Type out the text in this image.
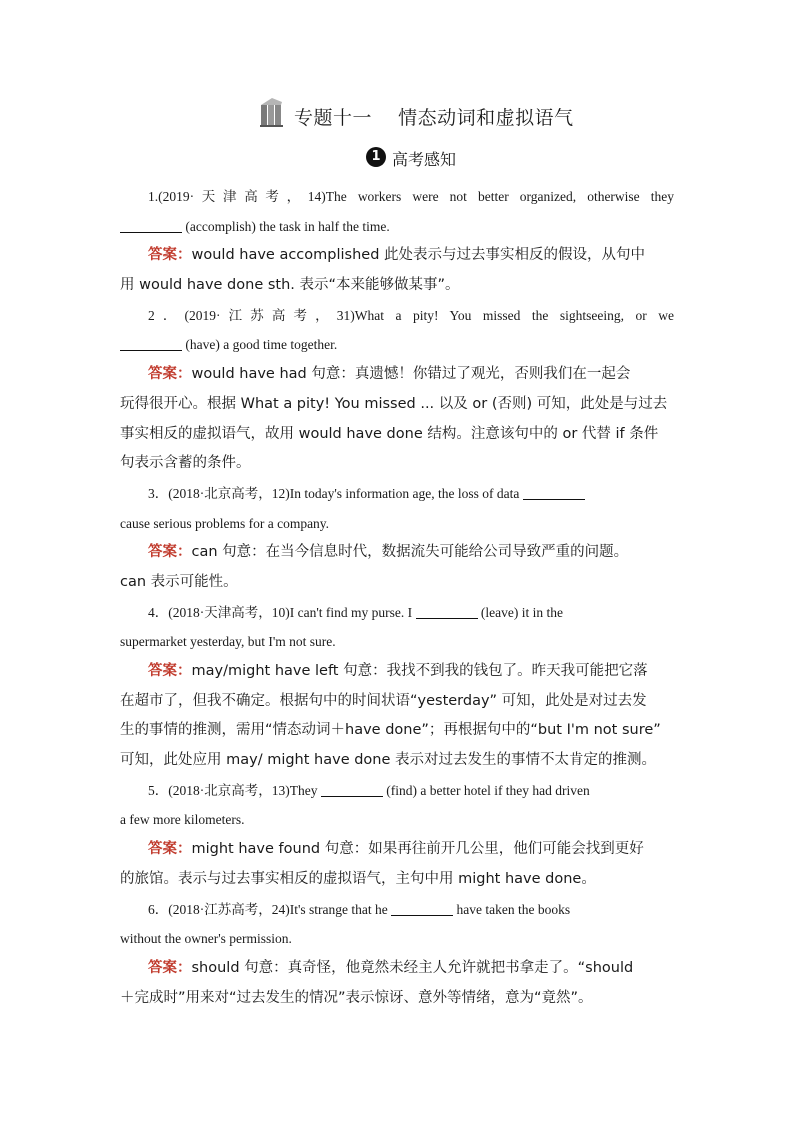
专题十一    情态动词和虚拟语气
1 高考感知
1.(2019·天津高考，14)The workers were not better organized, otherwise they
(accomplish) the task in half the time.
答案：would have accomplished 此处表示与过去事实相反的假设，从句中
用 would have done sth. 表示“本来能够做某事”。
2．(2019·江苏高考，31)What a pity! You missed the sightseeing, or we
(have) a good time together.
答案：would have had 句意：真遗憾！你错过了观光，否则我们在一起会
玩得很开心。根据 What a pity! You missed ... 以及 or (否则) 可知，此处是与过去
事实相反的虚拟语气，故用 would have done 结构。注意该句中的 or 代替 if 条件
句表示含蓄的条件。
3．(2018·北京高考，12)In today's information age, the loss of data
cause serious problems for a company.
答案：can 句意：在当今信息时代，数据流失可能给公司导致严重的问题。
can 表示可能性。
4．(2018·天津高考，10)I can't find my purse. I	(leave) it in the
supermarket yesterday, but I'm not sure.
答案：may/might have left 句意：我找不到我的钱包了。昨天我可能把它落
在超市了，但我不确定。根据句中的时间状语“yesterday” 可知，此处是对过去发
生的事情的推测，需用“情态动词＋have done”；再根据句中的“but I'm not sure”
可知，此处应用 may/ might have done 表示对过去发生的事情不太肯定的推测。
5．(2018·北京高考，13)They	(find) a better hotel if they had driven
a few more kilometers.
答案：might have found 句意：如果再往前开几公里，他们可能会找到更好
的旅馆。表示与过去事实相反的虚拟语气，主句中用 might have done。
6．(2018·江苏高考，24)It's strange that he	have taken the books
without the owner's permission.
答案：should 句意：真奇怪，他竟然未经主人允许就把书拿走了。“should
＋完成时”用来对“过去发生的情况”表示惊讶、意外等情绪，意为“竟然”。
